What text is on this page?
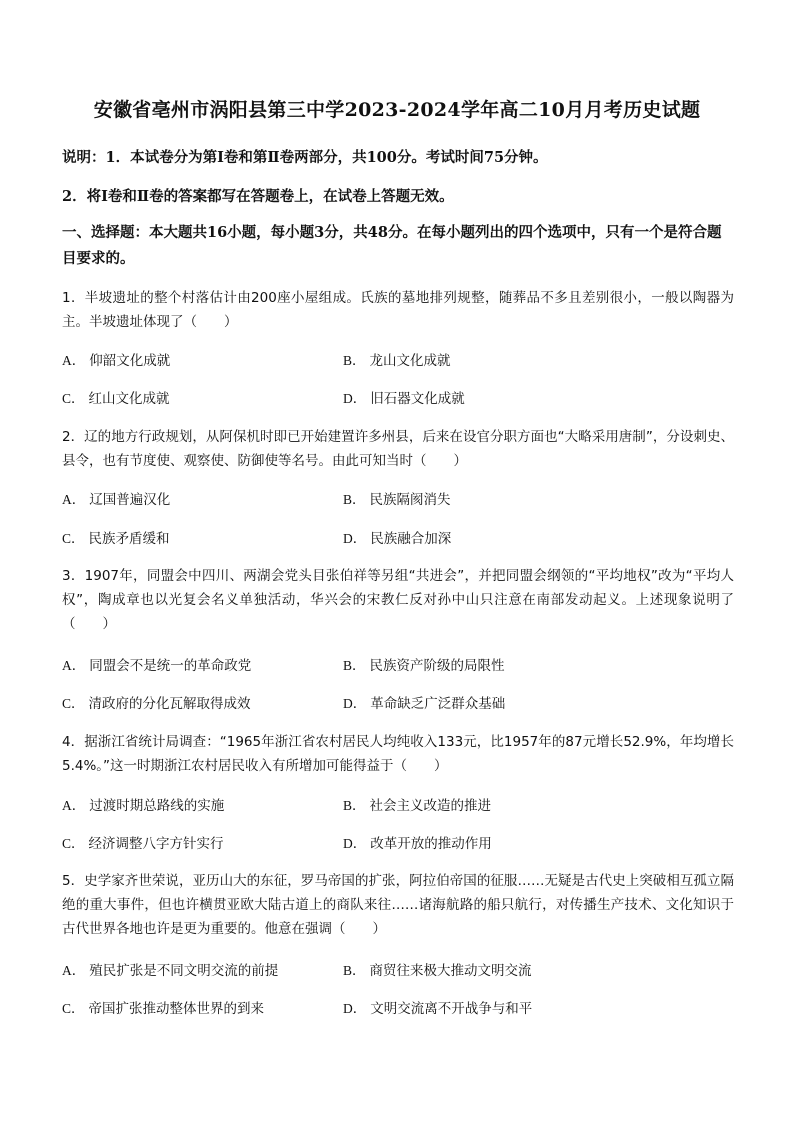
安徽省亳州市涡阳县第三中学2023-2024学年高二10月月考历史试题
说明：1．本试卷分为第Ⅰ卷和第Ⅱ卷两部分，共100分。考试时间75分钟。
2．将Ⅰ卷和Ⅱ卷的答案都写在答题卷上，在试卷上答题无效。
一、选择题：本大题共16小题，每小题3分，共48分。在每小题列出的四个选项中，只有一个是符合题目要求的。
1．半坡遗址的整个村落估计由200座小屋组成。氏族的墓地排列规整，随葬品不多且差别很小，一般以陶器为主。半坡遗址体现了（　　）
A． 仰韶文化成就	B． 龙山文化成就
C． 红山文化成就	D． 旧石器文化成就
2．辽的地方行政规划，从阿保机时即已开始建置许多州县，后来在设官分职方面也“大略采用唐制”，分设刺史、县令，也有节度使、观察使、防御使等名号。由此可知当时（　　）
A． 辽国普遍汉化	B． 民族隔阂消失
C． 民族矛盾缓和	D． 民族融合加深
3．1907年，同盟会中四川、两湖会党头目张伯祥等另组“共进会”，并把同盟会纲领的“平均地权”改为“平均人权”，陶成章也以光复会名义单独活动，华兴会的宋教仁反对孙中山只注意在南部发动起义。上述现象说明了（　　）
A． 同盟会不是统一的革命政党	B． 民族资产阶级的局限性
C． 清政府的分化瓦解取得成效	D． 革命缺乏广泛群众基础
4．据浙江省统计局调查：“1965年浙江省农村居民人均纯收入133元，比1957年的87元增长52.9%，年均增长5.4%。”这一时期浙江农村居民收入有所增加可能得益于（　　）
A． 过渡时期总路线的实施	B． 社会主义改造的推进
C． 经济调整八字方针实行	D． 改革开放的推动作用
5．史学家齐世荣说，亚历山大的东征，罗马帝国的扩张，阿拉伯帝国的征服……无疑是古代史上突破相互孤立隔绝的重大事件，但也许横贯亚欧大陆古道上的商队来往……诸海航路的船只航行，对传播生产技术、文化知识于古代世界各地也许是更为重要的。他意在强调（　　）
A． 殖民扩张是不同文明交流的前提	B． 商贸往来极大推动文明交流
C． 帝国扩张推动整体世界的到来	D． 文明交流离不开战争与和平
